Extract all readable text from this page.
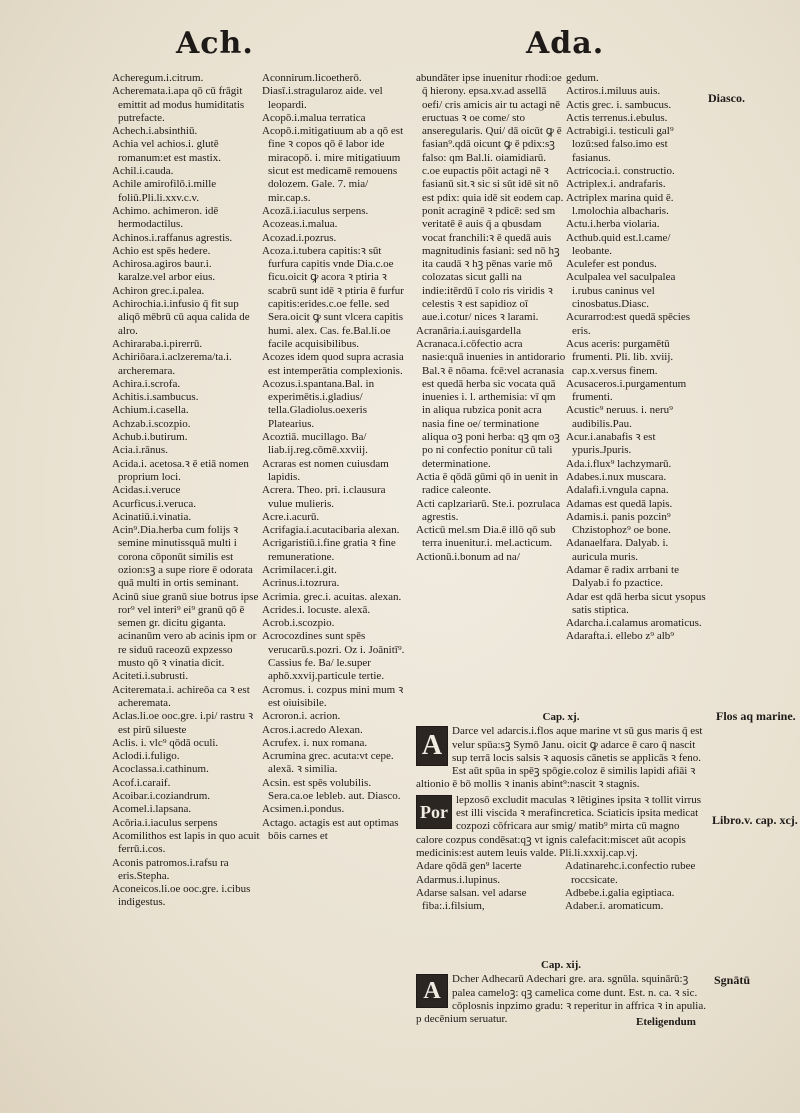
Ach.	Ada.

Acheregum.i.citrum.

Acheremata.i.apa qō cū frāgit emittit ad modus humiditatis putrefacte.

Achech.i.absinthiū.

Achia vel achios.i. glutē romanum:et est mastix.

Achil.i.cauda.

Achile amirofilō.i.mille foliū.Pli.li.xxv.c.v.

Achimo. achimeron. idē hermodactilus.

Achinos.i.raffanus agrestis.

Achio est spēs hedere.

Achirosa.agiros baur.i. karalze.vel arbor eius.

Achiron grec.i.palea.

Achirochia.i.infusio q̄ fit sup aliqō mēbrū cū aqua calida de alro.

Achiraraba.i.pirerrū.

Achiriōara.i.aclzerema/ta.i. archeremara.

Achira.i.scrofa.

Achitis.i.sambucus.

Achium.i.casella.

Achzab.i.scozpio.

Achub.i.butirum.

Acia.i.rānus.

Acida.i. acetosa.ꝛ ē etiā nomen proprium loci.

Acidas.i.veruce

Acurficus.i.veruca.

Acinatiū.i.vinatia.

Acin⁹.Dia.herba cum folijs ꝛ semine minutissquā multi i corona cōponūt similis est ozion:sꝫ a supe riore ē odorata quā multi in ortis seminant.

Acinū siue granū siue botrus ipse ror⁹ vel interi⁹ ei⁹ granū qō ē semen gr. dicitu giganta. acinanūm vero ab acinis ipm or re siduū raceozū expzesso musto qō ꝛ vinatia dicit.

Aciteti.i.subrusti.

Aciteremata.i. achireōa ca ꝛ est acheremata.

Aclas.li.oe ooc.gre. i.pi/ rastru ꝛ est pirū silueste

Aclis. i. vlc⁹ qōdā oculi.

Aclodi.i.fuligo.

Acoclassa.i.cathinum.

Acof.i.caraif.

Acoibar.i.coziandrum.

Acomel.i.lapsana.

Acōria.i.iaculus serpens

Acomilithos est lapis in quo acuit ferrū.i.cos.

Aconis patromos.i.rafsu ra eris.Stepha.

Aconeicos.li.oe ooc.gre. i.cibus indigestus.

Aconnirum.licoetherō.

Diasī.i.stragularoz aide. vel leopardi.

Acopō.i.malua terratica

Acopō.i.mitigatiuum ab a qō est fine ꝛ copos qō ē labor ide miracopō. i. mire mitigatiuum sicut est medicamē remouens dolozem. Gale. 7. mia/ mir.cap.s.

Acozā.i.iaculus serpens.

Acozeas.i.malua.

Acozad.i.pozrus.

Acoza.i.tubera capitis:ꝛ sūt furfura capitis vnde Dia.c.oe ficu.oicit ꝙ acora ꝛ ptiria ꝛ scabrū sunt idē ꝛ ptiria ē furfur capitis:erides.c.oe felle. sed Sera.oicit ꝙ sunt vlcera capitis humi. alex. Cas. fe.Bal.li.oe facile acquisibilibus.

Acozes idem quod supra acrasia est intemperātia complexionis.

Acozus.i.spantana.Bal. in experimētis.i.gladius/ tella.Gladiolus.oexeris Platearius.

Acoztiā. mucillago. Ba/ liab.ij.reg.cōmē.xxviij.

Acraras est nomen cuiusdam lapidis.

Acrera. Theo. pri. i.clausura vulue mulieris.

Acre.i.acurū.

Acrifagia.i.acutacibaria alexan.

Acrigaristiū.i.fine gratia ꝛ fine remuneratione.

Acrimilacer.i.git.

Acrinus.i.tozrura.

Acrimia. grec.i. acuitas. alexan.

Acrides.i. locuste. alexā.

Acrob.i.scozpio.

Acrocozdines sunt spēs verucarū.s.pozri. Oz i. Joānitī⁹. Cassius fe. Ba/ le.super aphō.xxvij.particule tertie.

Acromus. i. cozpus mini mum ꝛ est oiuisibile.

Acroron.i. acrion.

Acros.i.acredo Alexan.

Acrufex. i. nux romana.

Acrumina grec. acuta:vt cepe. alexā. ꝛ similia.

Acsin. est spēs volubilis. Sera.ca.oe lebleb. aut. Diasco.

Acsimen.i.pondus.

Actago. actagis est aut optimas bōis carnes et

abundāter ipse inuenitur rhodi:oe q̄ hierony. epsa.xv.ad assellā oefi/ cris amicis air tu actagi nē eructuas ꝛ oe come/ sto anseregularis. Qui/ dā oicūt ꝙ ē fasian⁹.qdā oicunt ꝙ ē pdix:sꝫ falso: qm Bal.li. oiamidiarū. c.oe eupactis pōit actagi nē ꝛ fasianū sit.ꝛ sic si sūt idē sit nō est pdix: quia idē sit eodem cap. ponit acraginē ꝛ pdicē: sed sm veritatē ē auis q̄ a qbusdam vocat franchili:ꝛ ē quedā auis magnitudinis fasiani: sed nō hꝫ ita caudā ꝛ hꝫ pēnas varie mō colozatas sicut galli na indie:itērdū ī colo ris viridis ꝛ celestis ꝛ est sapidioz oī aue.i.cotur/ nices ꝛ larami.

Acranāria.i.auisgardella

Acranaca.i.cōfectio acra nasie:quā inuenies in antidorario Bal.ꝛ ē nōama. fcē:vel acranasia est quedā herba sic vocata quā inuenies i. l. arthemisia: vī qm in aliqua rubzica ponit acra nasia fine oe/ terminatione aliqua oꝫ poni herba: qꝫ qm oꝫ po ni confectio ponitur cū tali determinatione.

Actia ē qōdā gūmi qō in uenit in radice caleonte.

Acti caplzariarū. Ste.i. pozrulaca agrestis.

Acticū mel.sm Dia.ē illō qō sub terra inuenitur.i. mel.acticum.

Actionū.i.bonum ad na/

gedum.

Actiros.i.miluus auis.

Actis grec. i. sambucus.

Actis terrenus.i.ebulus.

Actrabigi.i. testiculi gal⁹ lozū:sed falso.imo est fasianus.

Actricocia.i. constructio.

Actriplex.i. andrafaris.

Actriplex marina quid ē. l.molochia albacharis.

Actu.i.herba violaria.

Acthub.quid est.l.came/ leobante.

Aculefer est pondus.

Aculpalea vel saculpalea i.rubus caninus vel cinosbatus.Diasc.

Acurarrod:est quedā spēcies eris.

Acus aceris: purgamētū frumenti. Pli. lib. xviij. cap.x.versus finem.

Acusaceros.i.purgamentum frumenti.

Acustic⁹ neruus. i. neru⁹ audibilis.Pau.

Acur.i.anabafis ꝛ est ypuris.Jpuris.

Ada.i.flux⁹ lachzymarū.

Adabes.i.nux muscara.

Adalafi.i.vngula capna.

Adamas est quedā lapis.

Adamis.i. panis pozcin⁹ Chzistophoz⁹ oe bone.

Adanaelfara. Dalyab. i. auricula muris.

Adamar ē radix arrbani te Dalyab.i fo pzactice.

Adar est qdā herba sicut ysopus satis stiptica.

Adarcha.i.calamus aromaticus.

Adarafta.i. ellebo z⁹ alb⁹

Cap. xj.
A Darce vel adarcis.i.flos aque marine vt sū gus maris q̄ est velur spūa:sꝫ Symō Janu. oicit ꝙ adarce ē caro q̄ nascit sup terrā locis salsis ꝛ aquosis cānetis se applicās ꝛ feno. Est aūt spūa in spēꝫ spōgie.coloz ē similis lapidi afiāi ꝛ altionio ē bō mollis ꝛ inanis abint⁹:nascit ꝛ stagnis.
Por
lepzosō excludit maculas ꝛ lētigines ipsita ꝛ tollit virrus est illi viscida ꝛ merafincretica. Sciaticis ipsita medicat cozpozi cōfricara aur smig/ matib⁹ mirta cū magno calore cozpus condēsat:qꝫ vt ignis calefacit:miscet aūt acopis medicinis:est autem leuis valde. Pli.li.xxxij.cap.vj.

Adare qōdā gen⁹ lacerte

Adarmus.i.lupinus.

Adarse salsan. vel adarse fiba:.i.filsium,

Adatinarehc.i.confectio rubee roccsicate.

Adbebe.i.galia egiptiaca.

Adaber.i. aromaticum.

Cap. xij.
A	Dcher Adhecarū Adechari gre. ara. sgnūla. squinārū:ꝫ palea cameloꝫ: qꝫ camelica come dunt. Est. n. ca. ꝛ sic. cōplosnis inpzimo gradu: ꝛ reperitur in affrica ꝛ in apulia. p decēnium seruatur.
Diasco.
Flos aq marine.
Libro.v. cap. xcj.
Sgnātū
Eteligendum
